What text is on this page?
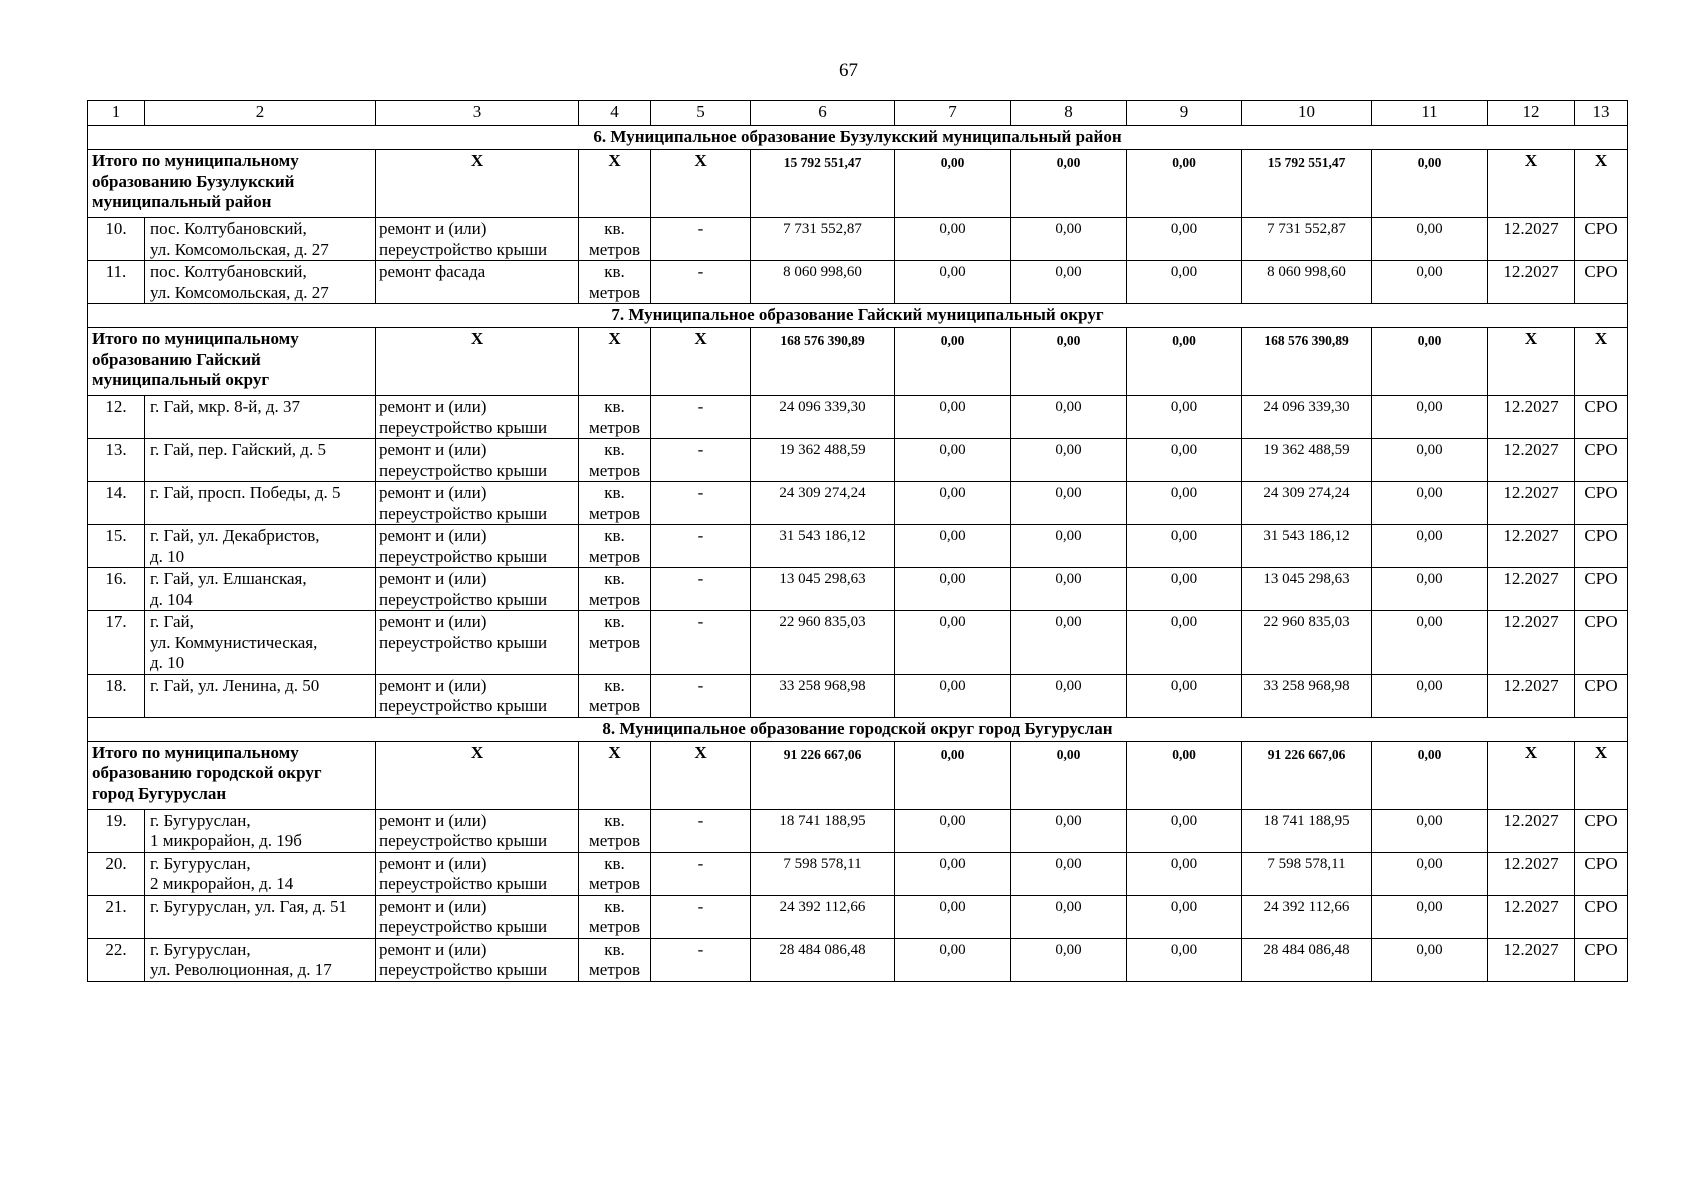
67
1	2	3	4	5	6	7	8	9	10	11	12	13
6. Муниципальное образование Бузулукский муниципальный район												

Итого по муниципальному
образованию Бузулукский
муниципальный район		Х	Х	Х	15 792 551,47	0,00	0,00	0,00	15 792 551,47	0,00	Х	Х
10.	пос. Колтубановский,
ул. Комсомольская, д. 27	ремонт и (или)
переустройство крыши	кв.
метров	-	7 731 552,87	0,00	0,00	0,00	7 731 552,87	0,00	12.2027	СРО
11.	пос. Колтубановский,
ул. Комсомольская, д. 27	ремонт фасада	кв.
метров	-	8 060 998,60	0,00	0,00	0,00	8 060 998,60	0,00	12.2027	СРО
7. Муниципальное образование Гайский муниципальный округ												

Итого по муниципальному
образованию Гайский
муниципальный округ		Х	Х	Х	168 576 390,89	0,00	0,00	0,00	168 576 390,89	0,00	Х	Х
12.	г. Гай, мкр. 8-й, д. 37	ремонт и (или)
переустройство крыши	кв.
метров	-	24 096 339,30	0,00	0,00	0,00	24 096 339,30	0,00	12.2027	СРО
13.	г. Гай, пер. Гайский, д. 5	ремонт и (или)
переустройство крыши	кв.
метров	-	19 362 488,59	0,00	0,00	0,00	19 362 488,59	0,00	12.2027	СРО
14.	г. Гай, просп. Победы, д. 5	ремонт и (или)
переустройство крыши	кв.
метров	-	24 309 274,24	0,00	0,00	0,00	24 309 274,24	0,00	12.2027	СРО
15.	г. Гай, ул. Декабристов,
д. 10	ремонт и (или)
переустройство крыши	кв.
метров	-	31 543 186,12	0,00	0,00	0,00	31 543 186,12	0,00	12.2027	СРО
16.	г. Гай, ул. Елшанская,
д. 104	ремонт и (или)
переустройство крыши	кв.
метров	-	13 045 298,63	0,00	0,00	0,00	13 045 298,63	0,00	12.2027	СРО
17.	г. Гай,
ул. Коммунистическая,
д. 10	ремонт и (или)
переустройство крыши	кв.
метров	-	22 960 835,03	0,00	0,00	0,00	22 960 835,03	0,00	12.2027	СРО
18.	г. Гай, ул. Ленина, д. 50	ремонт и (или)
переустройство крыши	кв.
метров	-	33 258 968,98	0,00	0,00	0,00	33 258 968,98	0,00	12.2027	СРО
8. Муниципальное образование городской округ город Бугуруслан												

Итого по муниципальному
образованию городской округ
город Бугуруслан		Х	Х	Х	91 226 667,06	0,00	0,00	0,00	91 226 667,06	0,00	Х	Х
19.	г. Бугуруслан,
1 микрорайон, д. 19б	ремонт и (или)
переустройство крыши	кв.
метров	-	18 741 188,95	0,00	0,00	0,00	18 741 188,95	0,00	12.2027	СРО
20.	г. Бугуруслан,
2 микрорайон, д. 14	ремонт и (или)
переустройство крыши	кв.
метров	-	7 598 578,11	0,00	0,00	0,00	7 598 578,11	0,00	12.2027	СРО
21.	г. Бугуруслан, ул. Гая, д. 51	ремонт и (или)
переустройство крыши	кв.
метров	-	24 392 112,66	0,00	0,00	0,00	24 392 112,66	0,00	12.2027	СРО
22.	г. Бугуруслан,
ул. Революционная, д. 17	ремонт и (или)
переустройство крыши	кв.
метров	-	28 484 086,48	0,00	0,00	0,00	28 484 086,48	0,00	12.2027	СРО
